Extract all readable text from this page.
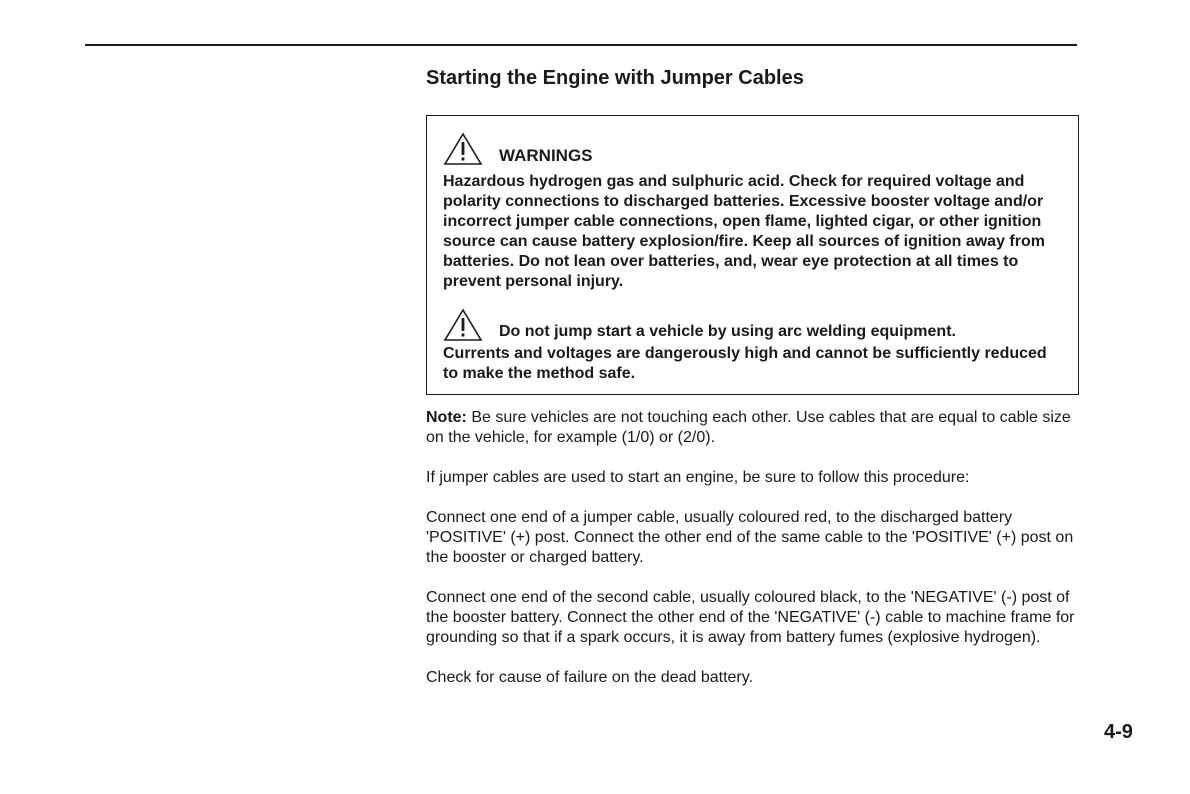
Starting the Engine with Jumper Cables
WARNINGS

Hazardous hydrogen gas and sulphuric acid. Check for required voltage and polarity connections to discharged batteries. Excessive booster voltage and/or incorrect jumper cable connections, open flame, lighted cigar, or other ignition source can cause battery explosion/fire. Keep all sources of ignition away from batteries. Do not lean over batteries, and, wear eye protection at all times to prevent personal injury.

Do not jump start a vehicle by using arc welding equipment.

Currents and voltages are dangerously high and cannot be sufficiently reduced to make the method safe.

Note: Be sure vehicles are not touching each other. Use cables that are equal to cable size on the vehicle, for example (1/0) or (2/0).

If jumper cables are used to start an engine, be sure to follow this procedure:

Connect one end of a jumper cable, usually coloured red, to the discharged battery 'POSITIVE' (+) post. Connect the other end of the same cable to the 'POSITIVE' (+) post on the booster or charged battery.

Connect one end of the second cable, usually coloured black, to the 'NEGATIVE' (-) post of the booster battery. Connect the other end of the 'NEGATIVE' (-) cable to machine frame for grounding so that if a spark occurs, it is away from battery fumes (explosive hydrogen).

Check for cause of failure on the dead battery.

4-9
